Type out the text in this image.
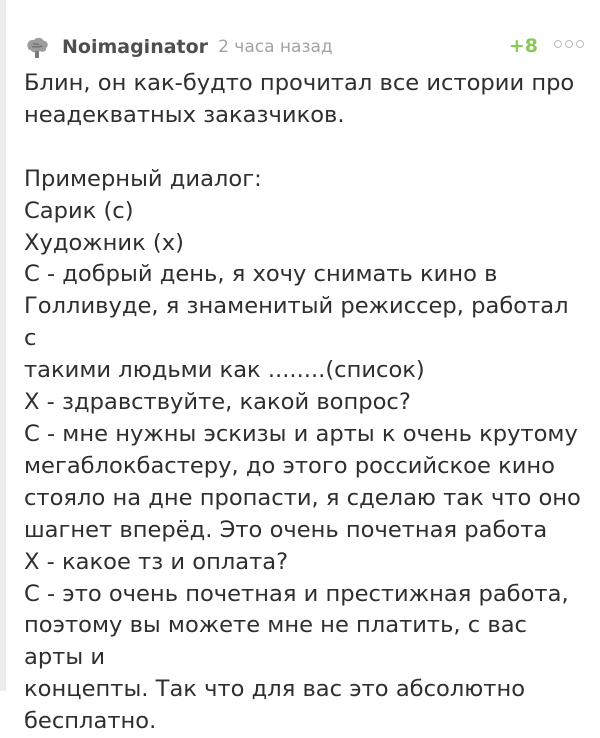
Noimaginator 2 часа назад	+8
Блин, он как-будто прочитал все истории про
неадекватных заказчиков.

Примерный диалог:
Сарик (с)
Художник (х)
С - добрый день, я хочу снимать кино в
Голливуде, я знаменитый режиссер, работал с
такими людьми как ........(список)
Х - здравствуйте, какой вопрос?
С - мне нужны эскизы и арты к очень крутому
мегаблокбастеру, до этого российское кино
стояло на дне пропасти, я сделаю так что оно
шагнет вперёд. Это очень почетная работа
Х - какое тз и оплата?
С - это очень почетная и престижная работа,
поэтому вы можете мне не платить, с вас арты и
концепты. Так что для вас это абсолютно
бесплатно.
